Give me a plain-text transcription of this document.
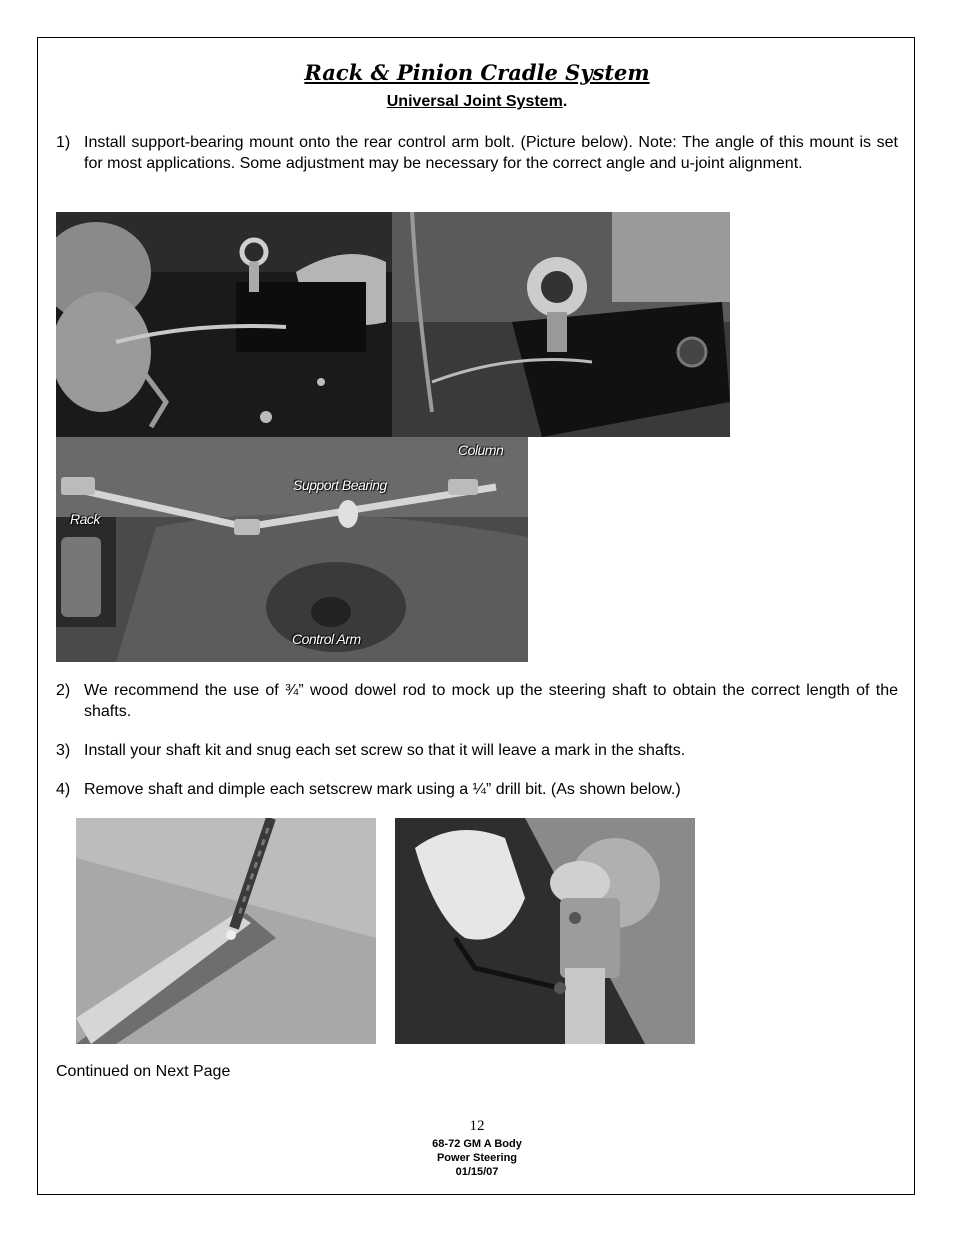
Rack & Pinion Cradle System
Universal Joint System.
1) Install support-bearing mount onto the rear control arm bolt. (Picture below). Note: The angle of this mount is set for most applications. Some adjustment may be necessary for the correct angle and u-joint alignment.
Column
Support Bearing
Rack
Control Arm
2) We recommend the use of ¾” wood dowel rod to mock up the steering shaft to obtain the correct length of the shafts.
3) Install your shaft kit and snug each set screw so that it will leave a mark in the shafts.
4) Remove shaft and dimple each setscrew mark using a ¼” drill bit. (As shown below.)
Continued on Next Page
12
68-72 GM A Body
Power Steering
01/15/07
